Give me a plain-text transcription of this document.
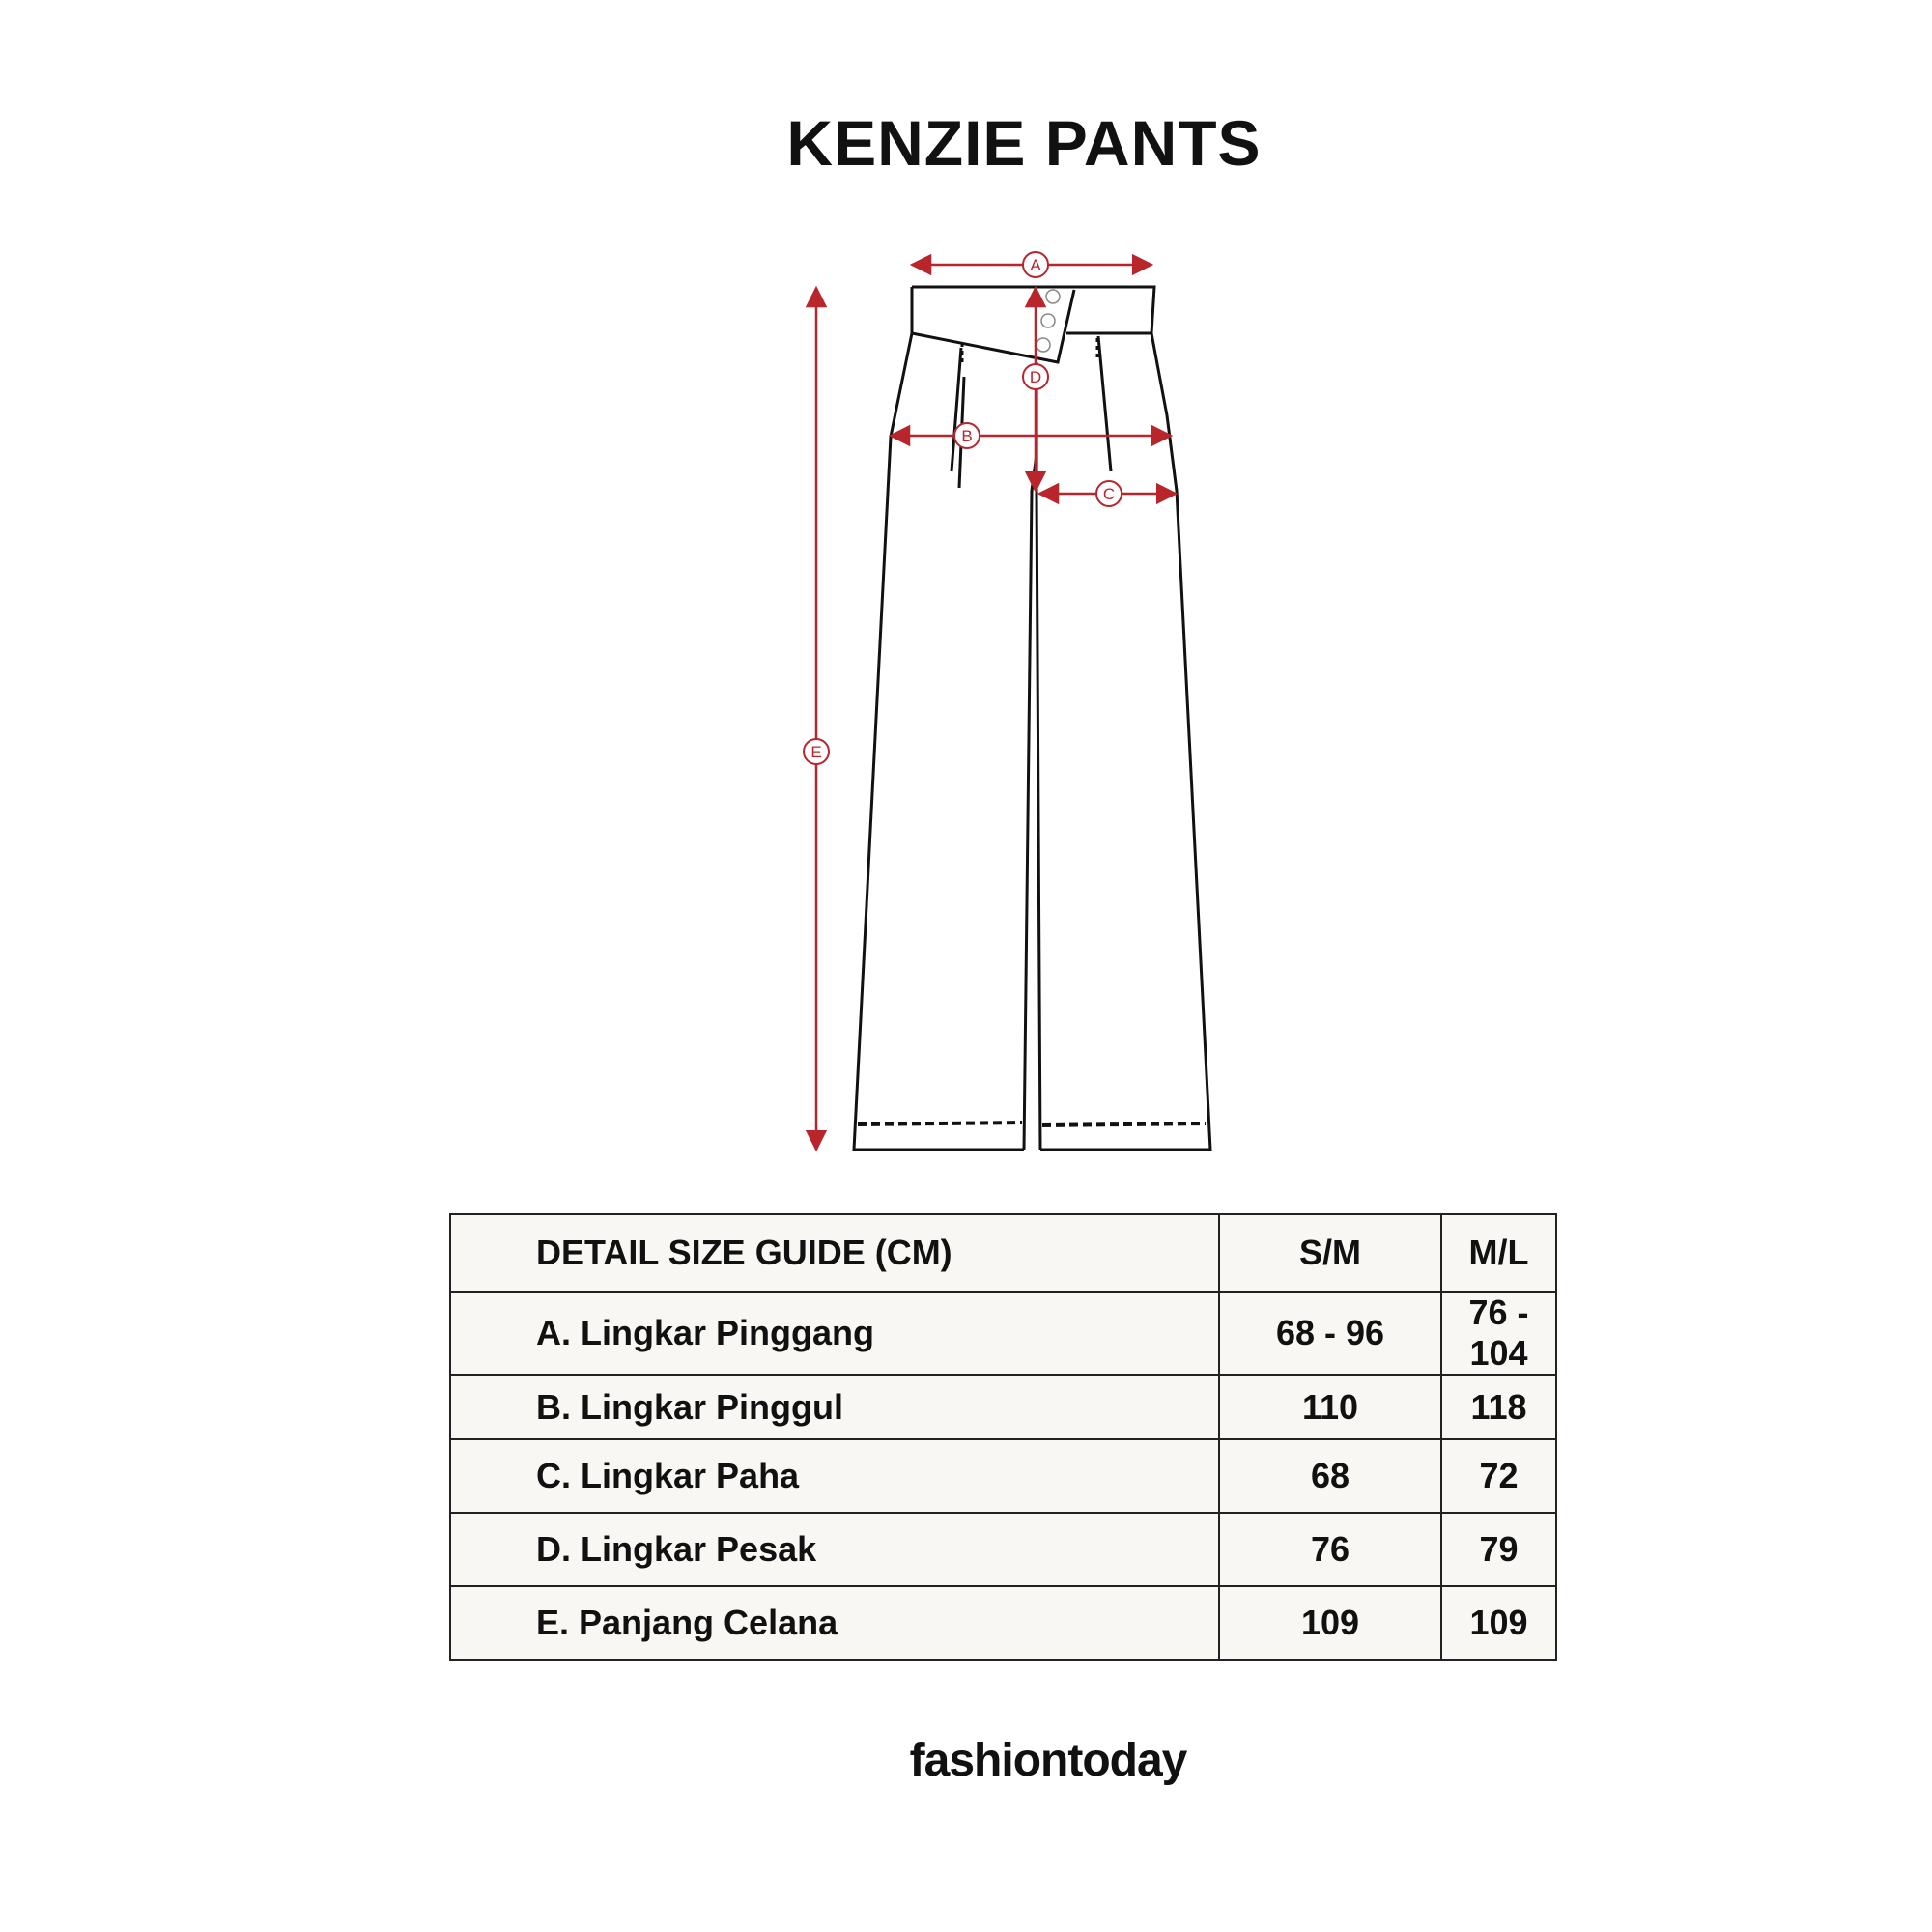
KENZIE PANTS
A
B
C
D
E
DETAIL SIZE GUIDE (CM)	S/M	M/L
A. Lingkar Pinggang	68 - 96	76 - 104
B. Lingkar Pinggul	110	118
C. Lingkar Paha	68	72
D. Lingkar Pesak	76	79
E. Panjang Celana	109	109
fashiontoday
